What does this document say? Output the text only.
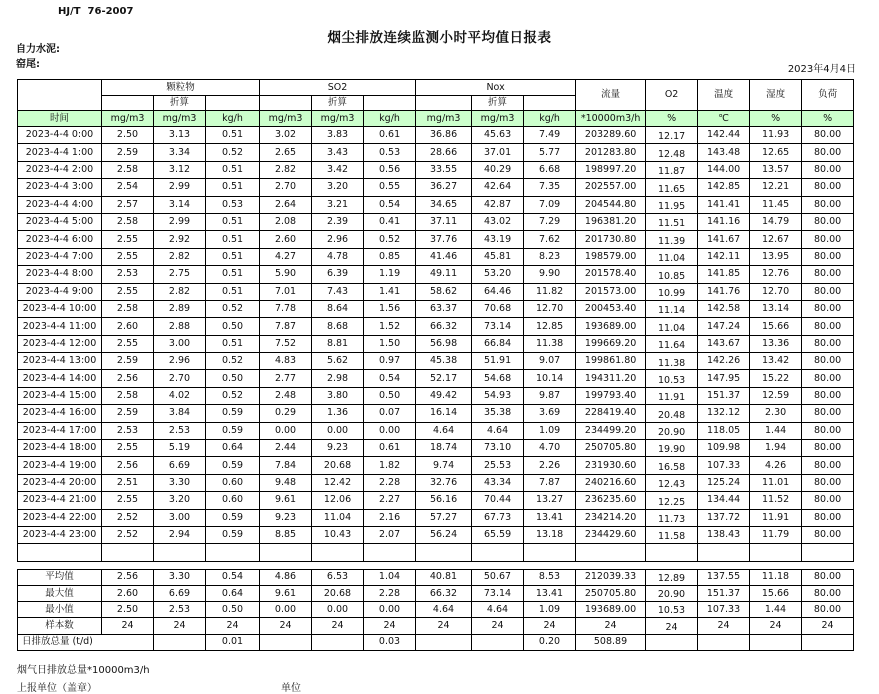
HJ/T  76-2007
烟尘排放连续监测小时平均值日报表
自力水泥:
窑尾:	2023年4月4日
	颗粒物			SO2			Nox			流量	O2	温度	湿度	负荷
		折算			折算			折算						
时间	mg/m3	mg/m3	kg/h	mg/m3	mg/m3	kg/h	mg/m3	mg/m3	kg/h	*10000m3/h	%	℃	%	%
2023-4-4 0:00	2.50	3.13	0.51	3.02	3.83	0.61	36.86	45.63	7.49	203289.60	12.17	142.44	11.93	80.00
2023-4-4 1:00	2.59	3.34	0.52	2.65	3.43	0.53	28.66	37.01	5.77	201283.80	12.48	143.48	12.65	80.00
2023-4-4 2:00	2.58	3.12	0.51	2.82	3.42	0.56	33.55	40.29	6.68	198997.20	11.87	144.00	13.57	80.00
2023-4-4 3:00	2.54	2.99	0.51	2.70	3.20	0.55	36.27	42.64	7.35	202557.00	11.65	142.85	12.21	80.00
2023-4-4 4:00	2.57	3.14	0.53	2.64	3.21	0.54	34.65	42.87	7.09	204544.80	11.95	141.41	11.45	80.00
2023-4-4 5:00	2.58	2.99	0.51	2.08	2.39	0.41	37.11	43.02	7.29	196381.20	11.51	141.16	14.79	80.00
2023-4-4 6:00	2.55	2.92	0.51	2.60	2.96	0.52	37.76	43.19	7.62	201730.80	11.39	141.67	12.67	80.00
2023-4-4 7:00	2.55	2.82	0.51	4.27	4.78	0.85	41.46	45.81	8.23	198579.00	11.04	142.11	13.95	80.00
2023-4-4 8:00	2.53	2.75	0.51	5.90	6.39	1.19	49.11	53.20	9.90	201578.40	10.85	141.85	12.76	80.00
2023-4-4 9:00	2.55	2.82	0.51	7.01	7.43	1.41	58.62	64.46	11.82	201573.00	10.99	141.76	12.70	80.00
2023-4-4 10:00	2.58	2.89	0.52	7.78	8.64	1.56	63.37	70.68	12.70	200453.40	11.14	142.58	13.14	80.00
2023-4-4 11:00	2.60	2.88	0.50	7.87	8.68	1.52	66.32	73.14	12.85	193689.00	11.04	147.24	15.66	80.00
2023-4-4 12:00	2.55	3.00	0.51	7.52	8.81	1.50	56.98	66.84	11.38	199669.20	11.64	143.67	13.36	80.00
2023-4-4 13:00	2.59	2.96	0.52	4.83	5.62	0.97	45.38	51.91	9.07	199861.80	11.38	142.26	13.42	80.00
2023-4-4 14:00	2.56	2.70	0.50	2.77	2.98	0.54	52.17	54.68	10.14	194311.20	10.53	147.95	15.22	80.00
2023-4-4 15:00	2.58	4.02	0.52	2.48	3.80	0.50	49.42	54.93	9.87	199793.40	11.91	151.37	12.59	80.00
2023-4-4 16:00	2.59	3.84	0.59	0.29	1.36	0.07	16.14	35.38	3.69	228419.40	20.48	132.12	2.30	80.00
2023-4-4 17:00	2.53	2.53	0.59	0.00	0.00	0.00	4.64	4.64	1.09	234499.20	20.90	118.05	1.44	80.00
2023-4-4 18:00	2.55	5.19	0.64	2.44	9.23	0.61	18.74	73.10	4.70	250705.80	19.90	109.98	1.94	80.00
2023-4-4 19:00	2.56	6.69	0.59	7.84	20.68	1.82	9.74	25.53	2.26	231930.60	16.58	107.33	4.26	80.00
2023-4-4 20:00	2.51	3.30	0.60	9.48	12.42	2.28	32.76	43.34	7.87	240216.60	12.43	125.24	11.01	80.00
2023-4-4 21:00	2.55	3.20	0.60	9.61	12.06	2.27	56.16	70.44	13.27	236235.60	12.25	134.44	11.52	80.00
2023-4-4 22:00	2.52	3.00	0.59	9.23	11.04	2.16	57.27	67.73	13.41	234214.20	11.73	137.72	11.91	80.00
2023-4-4 23:00	2.52	2.94	0.59	8.85	10.43	2.07	56.24	65.59	13.18	234429.60	11.58	138.43	11.79	80.00

平均值	2.56	3.30	0.54	4.86	6.53	1.04	40.81	50.67	8.53	212039.33	12.89	137.55	11.18	80.00
最大值	2.60	6.69	0.64	9.61	20.68	2.28	66.32	73.14	13.41	250705.80	20.90	151.37	15.66	80.00
最小值	2.50	2.53	0.50	0.00	0.00	0.00	4.64	4.64	1.09	193689.00	10.53	107.33	1.44	80.00
样本数	24	24	24	24	24	24	24	24	24	24	24	24	24	24
日排放总量 (t/d)			0.01			0.03			0.20	508.89				
烟气日排放总量*10000m3/h
上报单位（盖章）	单位
